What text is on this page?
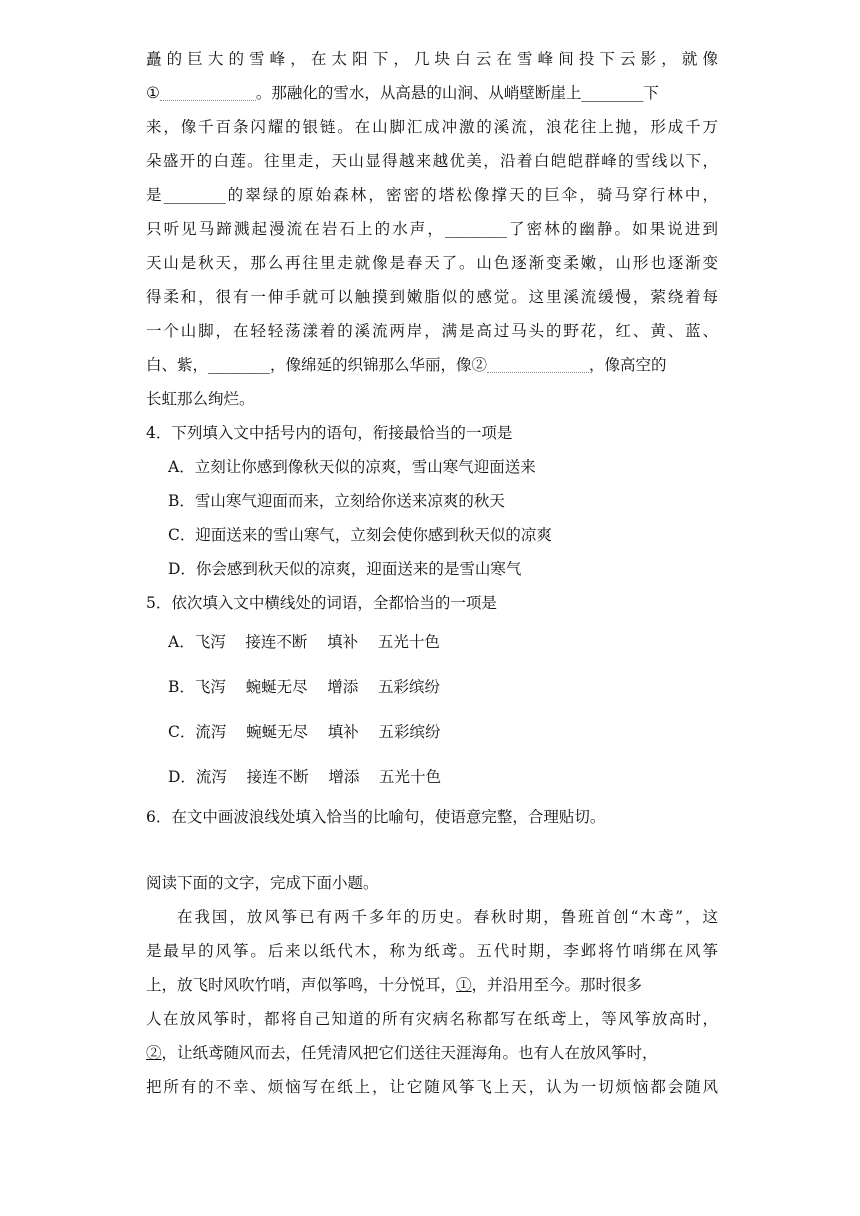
矗的巨大的雪峰，在太阳下，几块白云在雪峰间投下云影，就像
①	。那融化的雪水，从高悬的山涧、从峭壁断崖上________下
来，像千百条闪耀的银链。在山脚汇成冲激的溪流，浪花往上抛，形成千万
朵盛开的白莲。往里走，天山显得越来越优美，沿着白皑皑群峰的雪线以下，
是________的翠绿的原始森林，密密的塔松像撑天的巨伞，骑马穿行林中，
只听见马蹄溅起漫流在岩石上的水声，________了密林的幽静。如果说进到
天山是秋天，那么再往里走就像是春天了。山色逐渐变柔嫩，山形也逐渐变
得柔和，很有一伸手就可以触摸到嫩脂似的感觉。这里溪流缓慢，萦绕着每
一个山脚，在轻轻荡漾着的溪流两岸，满是高过马头的野花，红、黄、蓝、
白、紫，________，像绵延的织锦那么华丽，像②	，像高空的
长虹那么绚烂。
4．下列填入文中括号内的语句，衔接最恰当的一项是
A．立刻让你感到像秋天似的凉爽，雪山寒气迎面送来
B．雪山寒气迎面而来，立刻给你送来凉爽的秋天
C．迎面送来的雪山寒气，立刻会使你感到秋天似的凉爽
D．你会感到秋天似的凉爽，迎面送来的是雪山寒气
5．依次填入文中横线处的词语，全都恰当的一项是
A．飞泻    接连不断    填补    五光十色
B．飞泻    蜿蜒无尽    增添    五彩缤纷
C．流泻    蜿蜒无尽    填补    五彩缤纷
D．流泻    接连不断    增添    五光十色
6．在文中画波浪线处填入恰当的比喻句，使语意完整，合理贴切。
阅读下面的文字，完成下面小题。
在我国，放风筝已有两千多年的历史。春秋时期，鲁班首创“木鸢”，这
是最早的风筝。后来以纸代木，称为纸鸢。五代时期，李邺将竹哨绑在风筝
上，放飞时风吹竹哨，声似筝鸣，十分悦耳，①，并沿用至今。那时很多
人在放风筝时，都将自己知道的所有灾病名称都写在纸鸢上，等风筝放高时，
②，让纸鸢随风而去，任凭清风把它们送往天涯海角。也有人在放风筝时，
把所有的不幸、烦恼写在纸上，让它随风筝飞上天，认为一切烦恼都会随风
